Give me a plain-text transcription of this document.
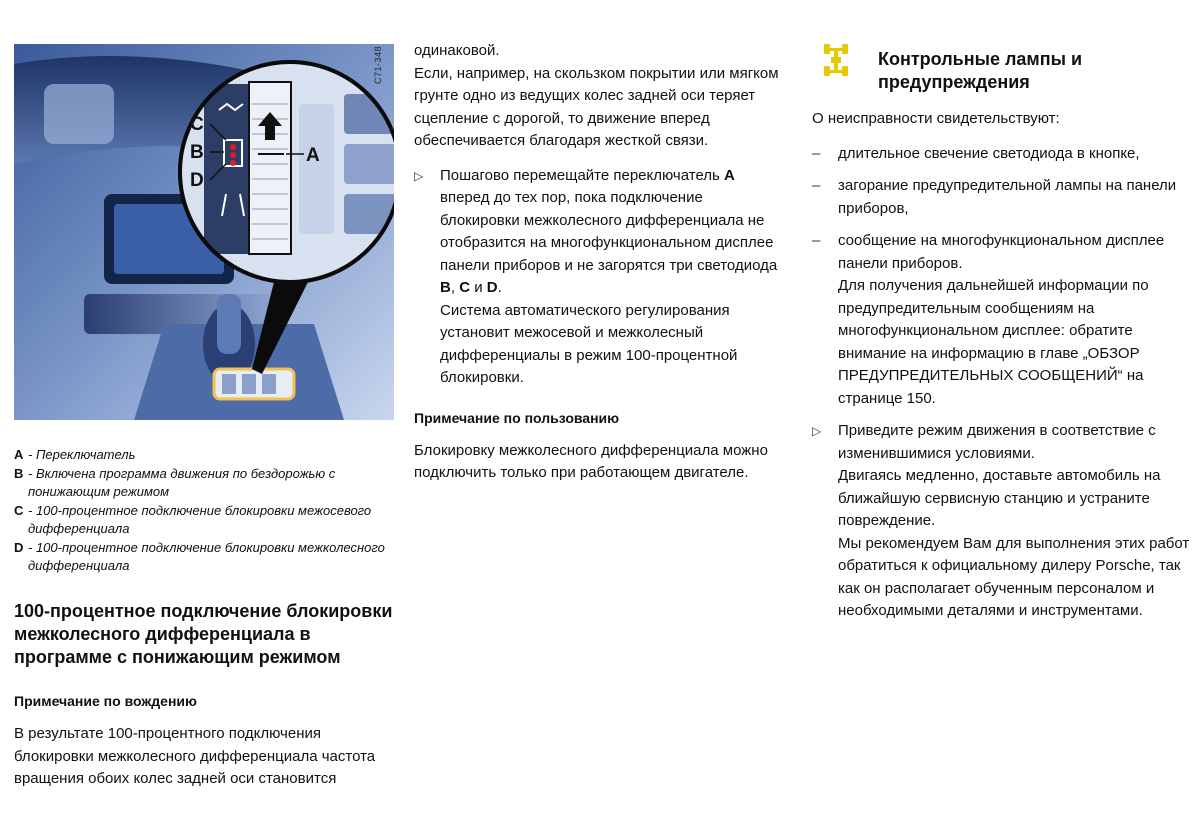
C
B
D
A
C71-348
A - Переключатель
B - Включена программа движения по бездорожью с понижающим режимом
C - 100-процентное подключение блокировки межосевого дифференциала
D - 100-процентное подключение блокировки межколесного дифференциала

100-процентное подключение блокировки межколесного дифференциала в программе с понижающим режимом

Примечание по вождению

В результате 100-процентного подключения блокировки межколесного дифференциала частота вращения обоих колес задней оси становится

одинаковой.

Если, например, на скользком покрытии или мягком грунте одно из ведущих колес задней оси теряет сцепление с дорогой, то движение вперед обеспечивается благодаря жесткой связи.

▷	Пошагово перемещайте переключатель A вперед до тех пор, пока подключение блокировки межколесного дифференциала не отобразится на многофункциональном дисплее панели приборов и не загорятся три светодиода B, C и D.

Система автоматического регулирования установит межосевой и межколесный дифференциалы в режим 100-процентной блокировки.

Примечание по пользованию

Блокировку межколесного дифференциала можно подключить только при работающем двигателе.

Контрольные лампы и предупреждения

О неисправности свидетельствуют:

–	длительное свечение светодиода в кнопке,

–	загорание предупредительной лампы на панели приборов,

–	сообщение на многофункциональном дисплее панели приборов.

Для получения дальнейшей информации по предупредительным сообщениям на многофункциональном дисплее: обратите внимание на информацию в главе „ОБЗОР ПРЕДУПРЕДИТЕЛЬНЫХ СООБЩЕНИЙ“ на странице 150.

▷	Приведите режим движения в соответствие с изменившимися условиями.

Двигаясь медленно, доставьте автомобиль на ближайшую сервисную станцию и устраните повреждение.

Мы рекомендуем Вам для выполнения этих работ обратиться к официальному дилеру Porsche, так как он располагает обученным персоналом и необходимыми деталями и инструментами.
